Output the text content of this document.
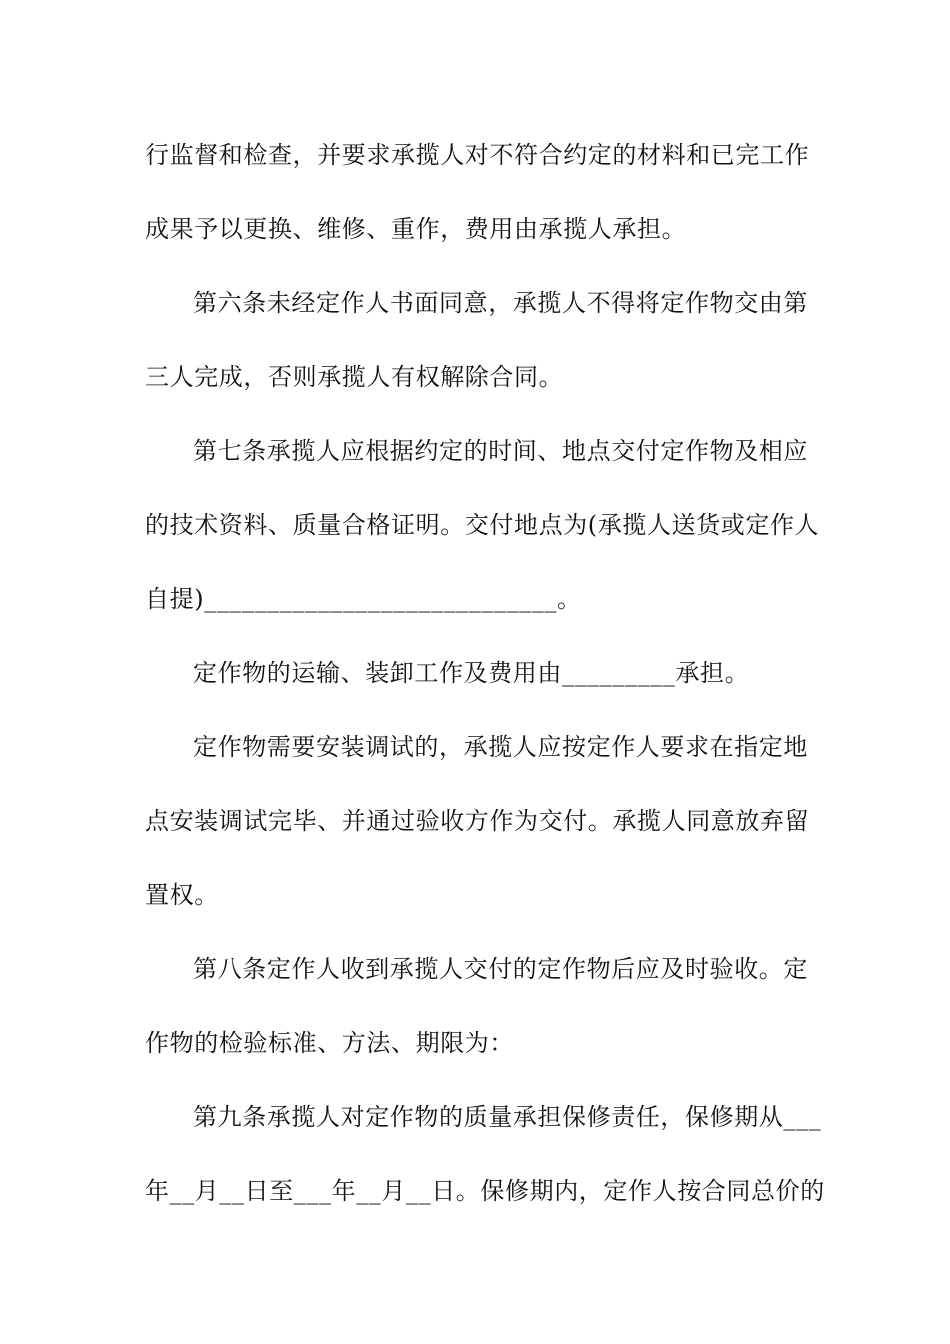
行监督和检查，并要求承揽人对不符合约定的材料和已完工作
成果予以更换、维修、重作，费用由承揽人承担。
第六条未经定作人书面同意，承揽人不得将定作物交由第
三人完成，否则承揽人有权解除合同。
第七条承揽人应根据约定的时间、地点交付定作物及相应
的技术资料、质量合格证明。交付地点为(承揽人送货或定作人
自提)____________________________。
定作物的运输、装卸工作及费用由_________承担。
定作物需要安装调试的，承揽人应按定作人要求在指定地
点安装调试完毕、并通过验收方作为交付。承揽人同意放弃留
置权。
第八条定作人收到承揽人交付的定作物后应及时验收。定
作物的检验标准、方法、期限为：
第九条承揽人对定作物的质量承担保修责任，保修期从___
年__月__日至___年__月__日。保修期内，定作人按合同总价的
